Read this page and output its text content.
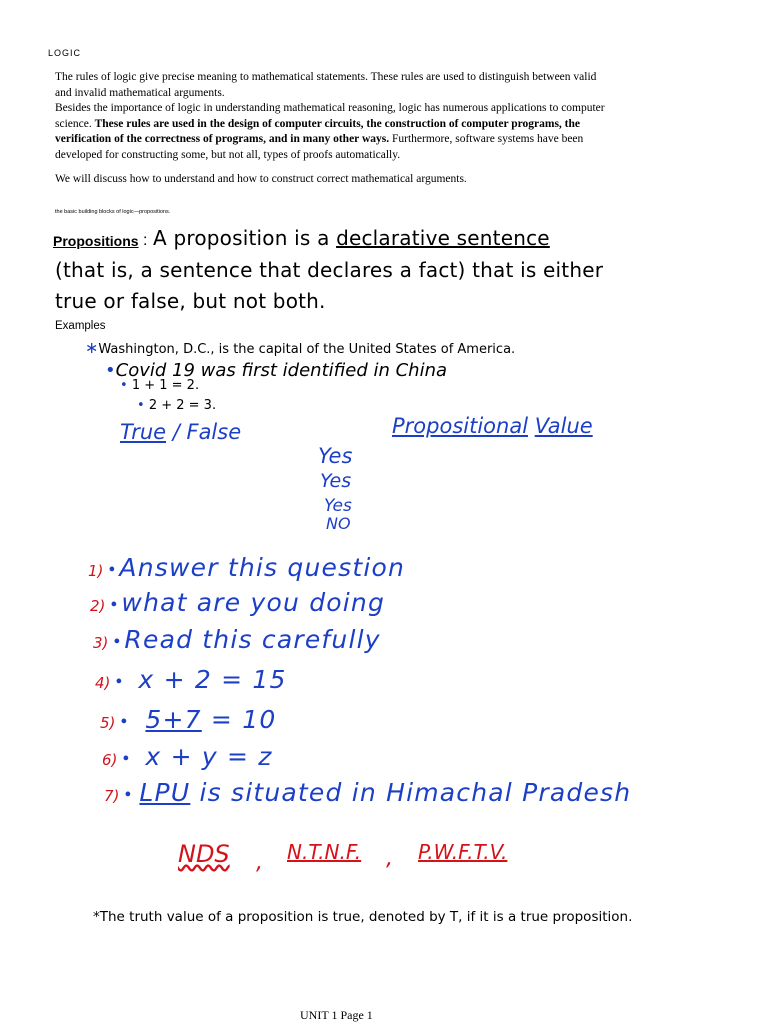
LOGIC

The rules of logic give precise meaning to mathematical statements. These rules are used to distinguish between valid and invalid mathematical arguments.

Besides the importance of logic in understanding mathematical reasoning, logic has numerous applications to computer science. These rules are used in the design of computer circuits, the construction of computer programs, the verification of the correctness of programs, and in many other ways. Furthermore, software systems have been developed for constructing some, but not all, types of proofs automatically.

We will discuss how to understand and how to construct correct mathematical arguments.

the basic building blocks of logic—propositions.
Propositions : A proposition is a declarative sentence
(that is, a sentence that declares a fact) that is either
true or false, but not both.
Examples
∗Washington, D.C., is the capital of the United States of America.
•Covid 19 was first identified in China
• 1 + 1 = 2.
• 2 + 2 = 3.
True / False	Propositional Value
Yes
Yes
Yes
NO
1) • Answer this question
2) • what are you doing
3) • Read this carefully
4) • x + 2 = 15
5) • 5+7 = 10
6) • x + y = z
7) • LPU is situated in Himachal Pradesh
NDS , N.T.N.F. , P.W.F.T.V.
*The truth value of a proposition is true, denoted by T, if it is a true proposition.
UNIT 1 Page 1
